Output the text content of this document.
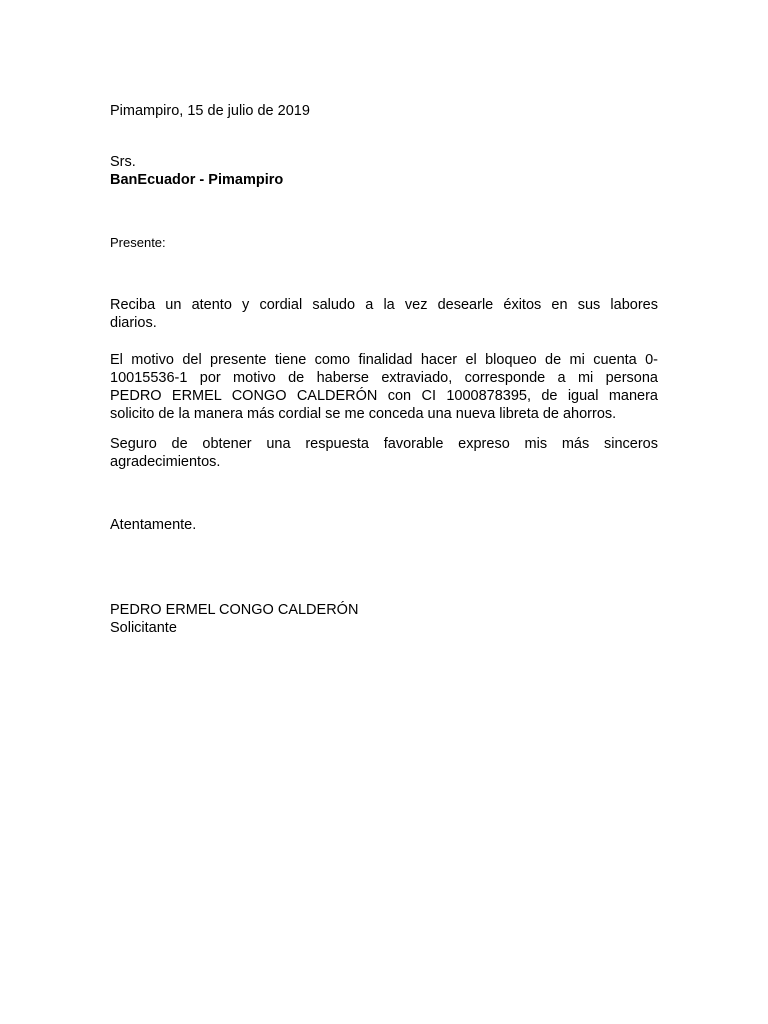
Pimampiro, 15 de julio de 2019
Srs.
BanEcuador - Pimampiro
Presente:
Reciba un atento y cordial saludo a la vez desearle éxitos en sus labores
diarios.
El motivo del presente tiene como finalidad hacer el bloqueo de mi cuenta 0-
10015536-1 por motivo de haberse extraviado, corresponde a mi persona
PEDRO ERMEL CONGO CALDERÓN con CI 1000878395, de igual manera
solicito de la manera más cordial se me conceda una nueva libreta de ahorros.
Seguro de obtener una respuesta favorable expreso mis más sinceros
agradecimientos.
Atentamente.
PEDRO ERMEL CONGO CALDERÓN
Solicitante
